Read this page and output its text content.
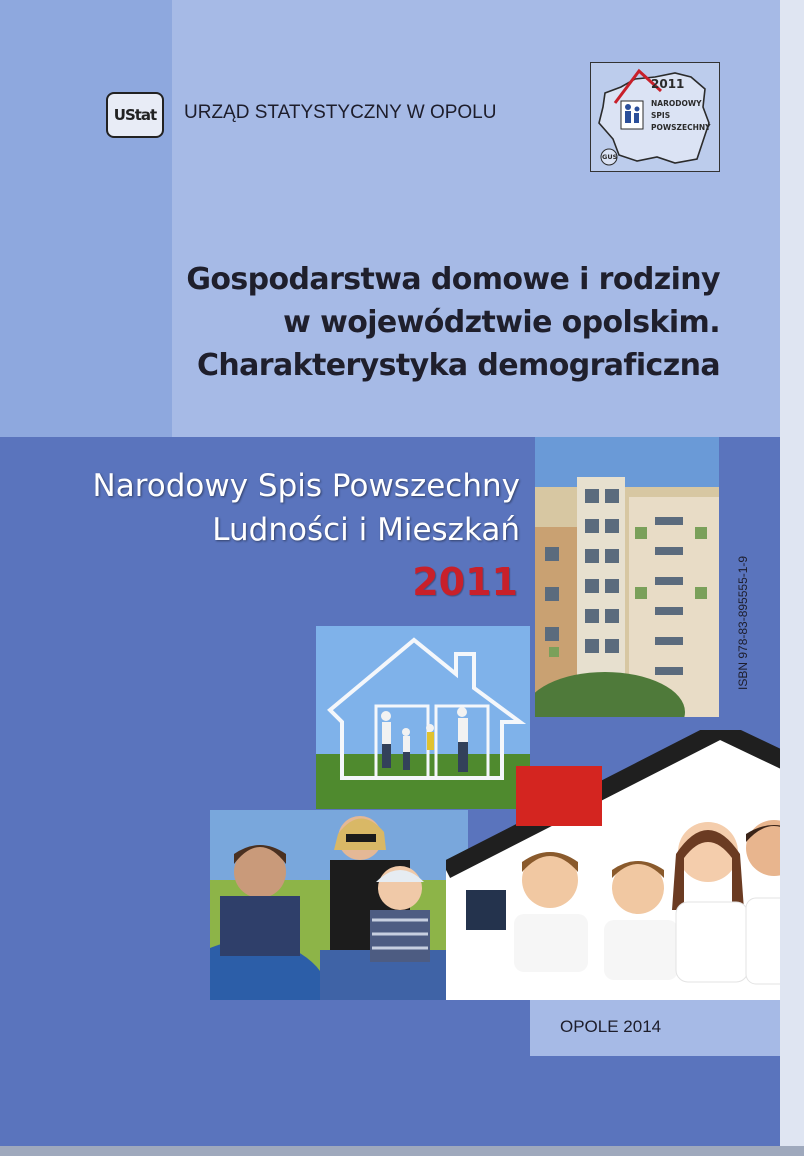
UStat URZĄD STATYSTYCZNY W OPOLU
2011
NARODOWY
SPIS
POWSZECHNY
GUS
Gospodarstwa domowe i rodziny
w województwie opolskim.
Charakterystyka demograficzna
Narodowy Spis Powszechny
Ludności i Mieszkań
2011	ISBN 978-83-895555-1-9
OPOLE 2014
